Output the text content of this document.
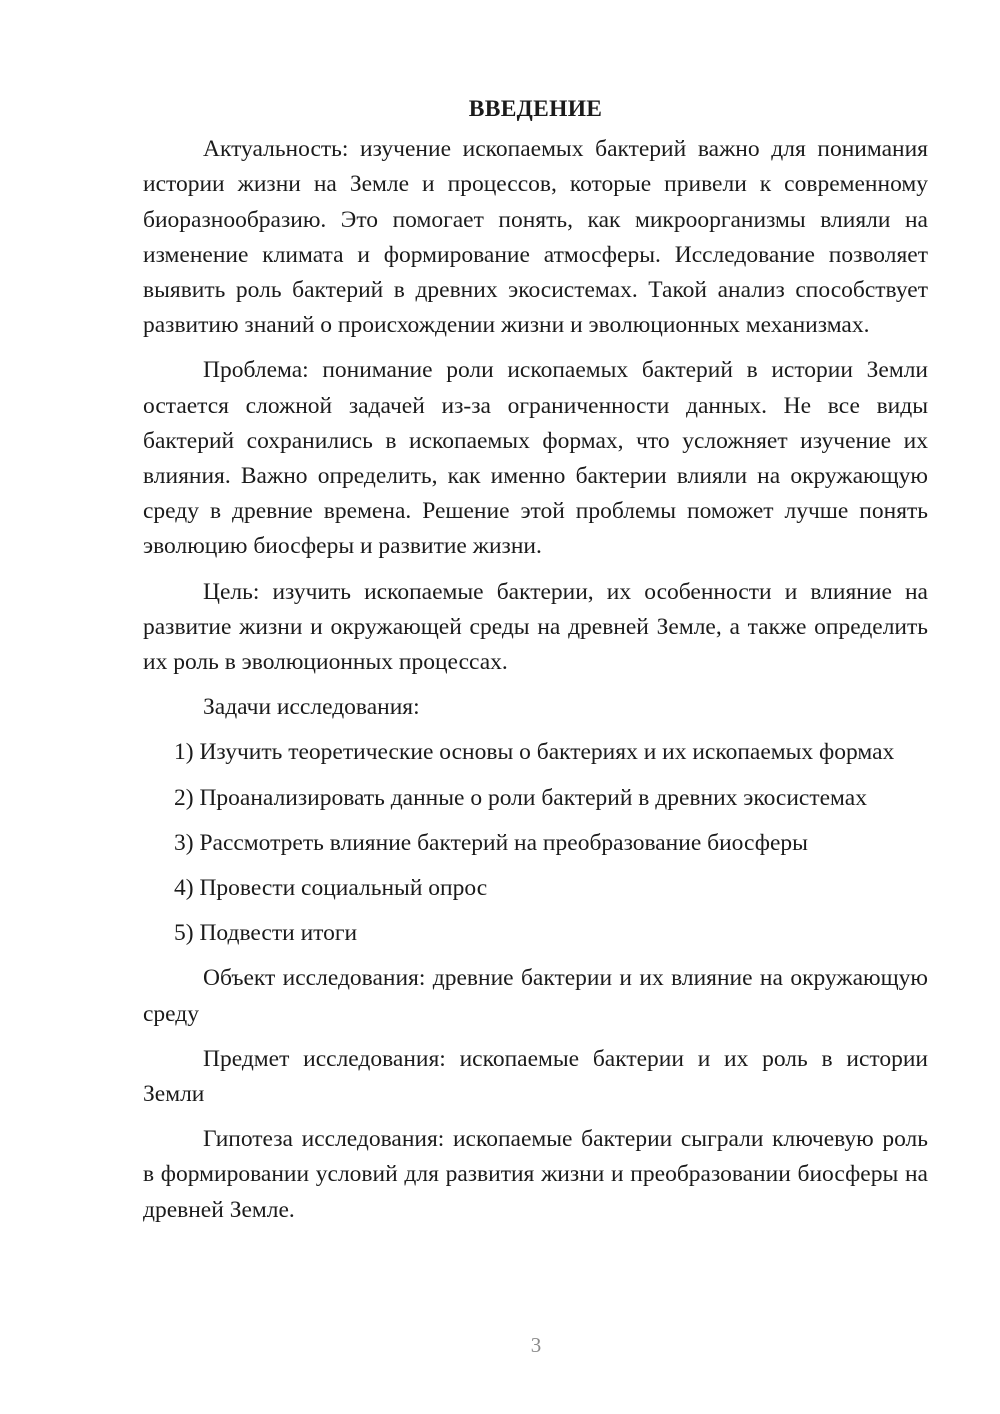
ВВЕДЕНИЕ

Актуальность: изучение ископаемых бактерий важно для понимания истории жизни на Земле и процессов, которые привели к современному биоразнообразию. Это помогает понять, как микроорганизмы влияли на изменение климата и формирование атмосферы. Исследование позволяет выявить роль бактерий в древних экосистемах. Такой анализ способствует развитию знаний о происхождении жизни и эволюционных механизмах.

Проблема: понимание роли ископаемых бактерий в истории Земли остается сложной задачей из-за ограниченности данных. Не все виды бактерий сохранились в ископаемых формах, что усложняет изучение их влияния. Важно определить, как именно бактерии влияли на окружающую среду в древние времена. Решение этой проблемы поможет лучше понять эволюцию биосферы и развитие жизни.

Цель: изучить ископаемые бактерии, их особенности и влияние на развитие жизни и окружающей среды на древней Земле, а также определить их роль в эволюционных процессах.

Задачи исследования:

1) Изучить теоретические основы о бактериях и их ископаемых формах

2) Проанализировать данные о роли бактерий в древних экосистемах

3) Рассмотреть влияние бактерий на преобразование биосферы

4) Провести социальный опрос

5) Подвести итоги

Объект исследования: древние бактерии и их влияние на окружающую среду

Предмет исследования: ископаемые бактерии и их роль в истории Земли

Гипотеза исследования: ископаемые бактерии сыграли ключевую роль в формировании условий для развития жизни и преобразовании биосферы на древней Земле.

3
